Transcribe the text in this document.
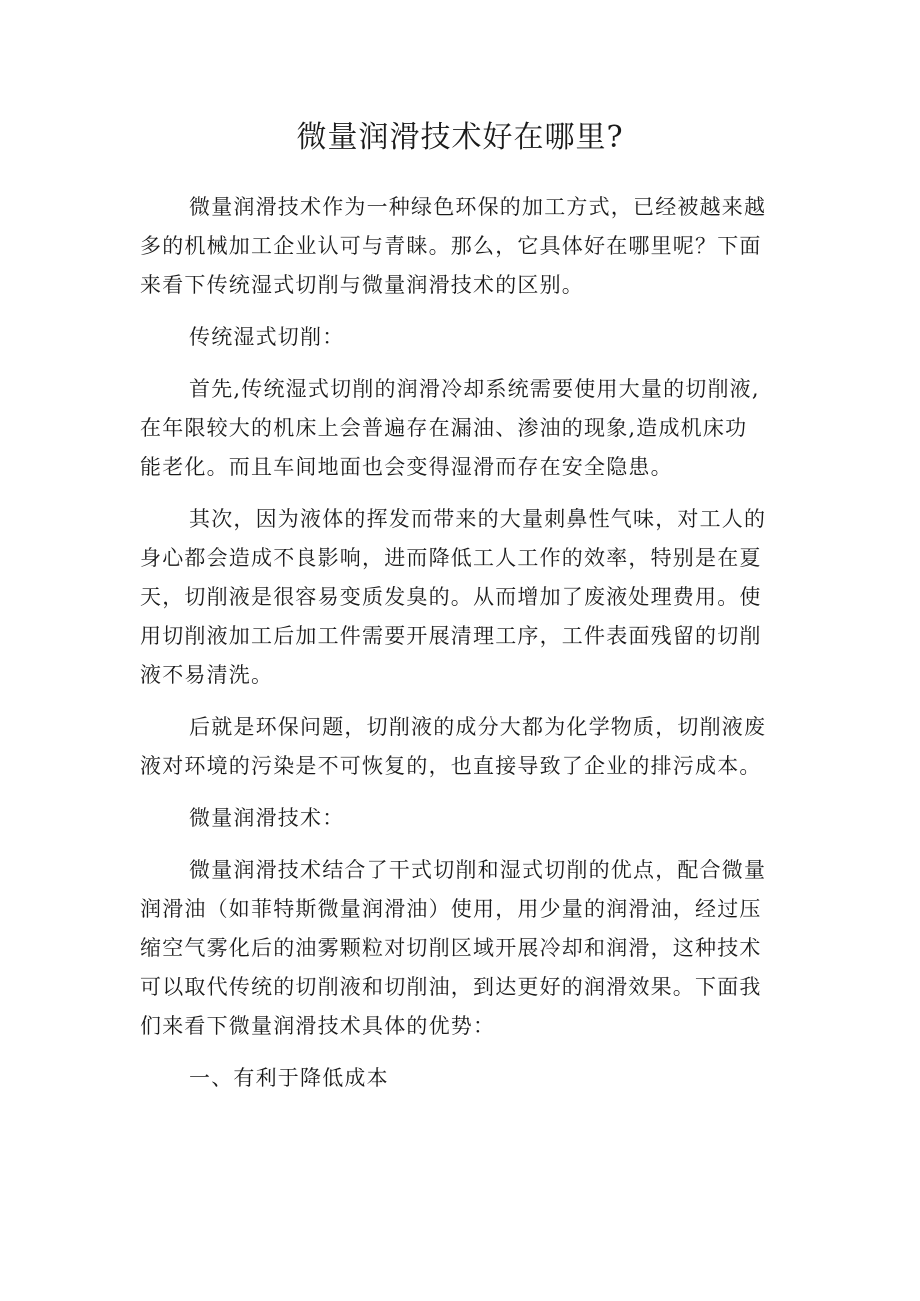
微量润滑技术好在哪里?

微量润滑技术作为一种绿色环保的加工方式，已经被越来越
多的机械加工企业认可与青睐。那么，它具体好在哪里呢？下面
来看下传统湿式切削与微量润滑技术的区别。

传统湿式切削：

首先,传统湿式切削的润滑冷却系统需要使用大量的切削液,
在年限较大的机床上会普遍存在漏油、渗油的现象,造成机床功
能老化。而且车间地面也会变得湿滑而存在安全隐患。

其次，因为液体的挥发而带来的大量刺鼻性气味，对工人的
身心都会造成不良影响，进而降低工人工作的效率，特别是在夏
天，切削液是很容易变质发臭的。从而增加了废液处理费用。使
用切削液加工后加工件需要开展清理工序，工件表面残留的切削
液不易清洗。

后就是环保问题，切削液的成分大都为化学物质，切削液废
液对环境的污染是不可恢复的，也直接导致了企业的排污成本。

微量润滑技术：

微量润滑技术结合了干式切削和湿式切削的优点，配合微量
润滑油（如菲特斯微量润滑油）使用，用少量的润滑油，经过压
缩空气雾化后的油雾颗粒对切削区域开展冷却和润滑，这种技术
可以取代传统的切削液和切削油，到达更好的润滑效果。下面我
们来看下微量润滑技术具体的优势：

一、有利于降低成本
